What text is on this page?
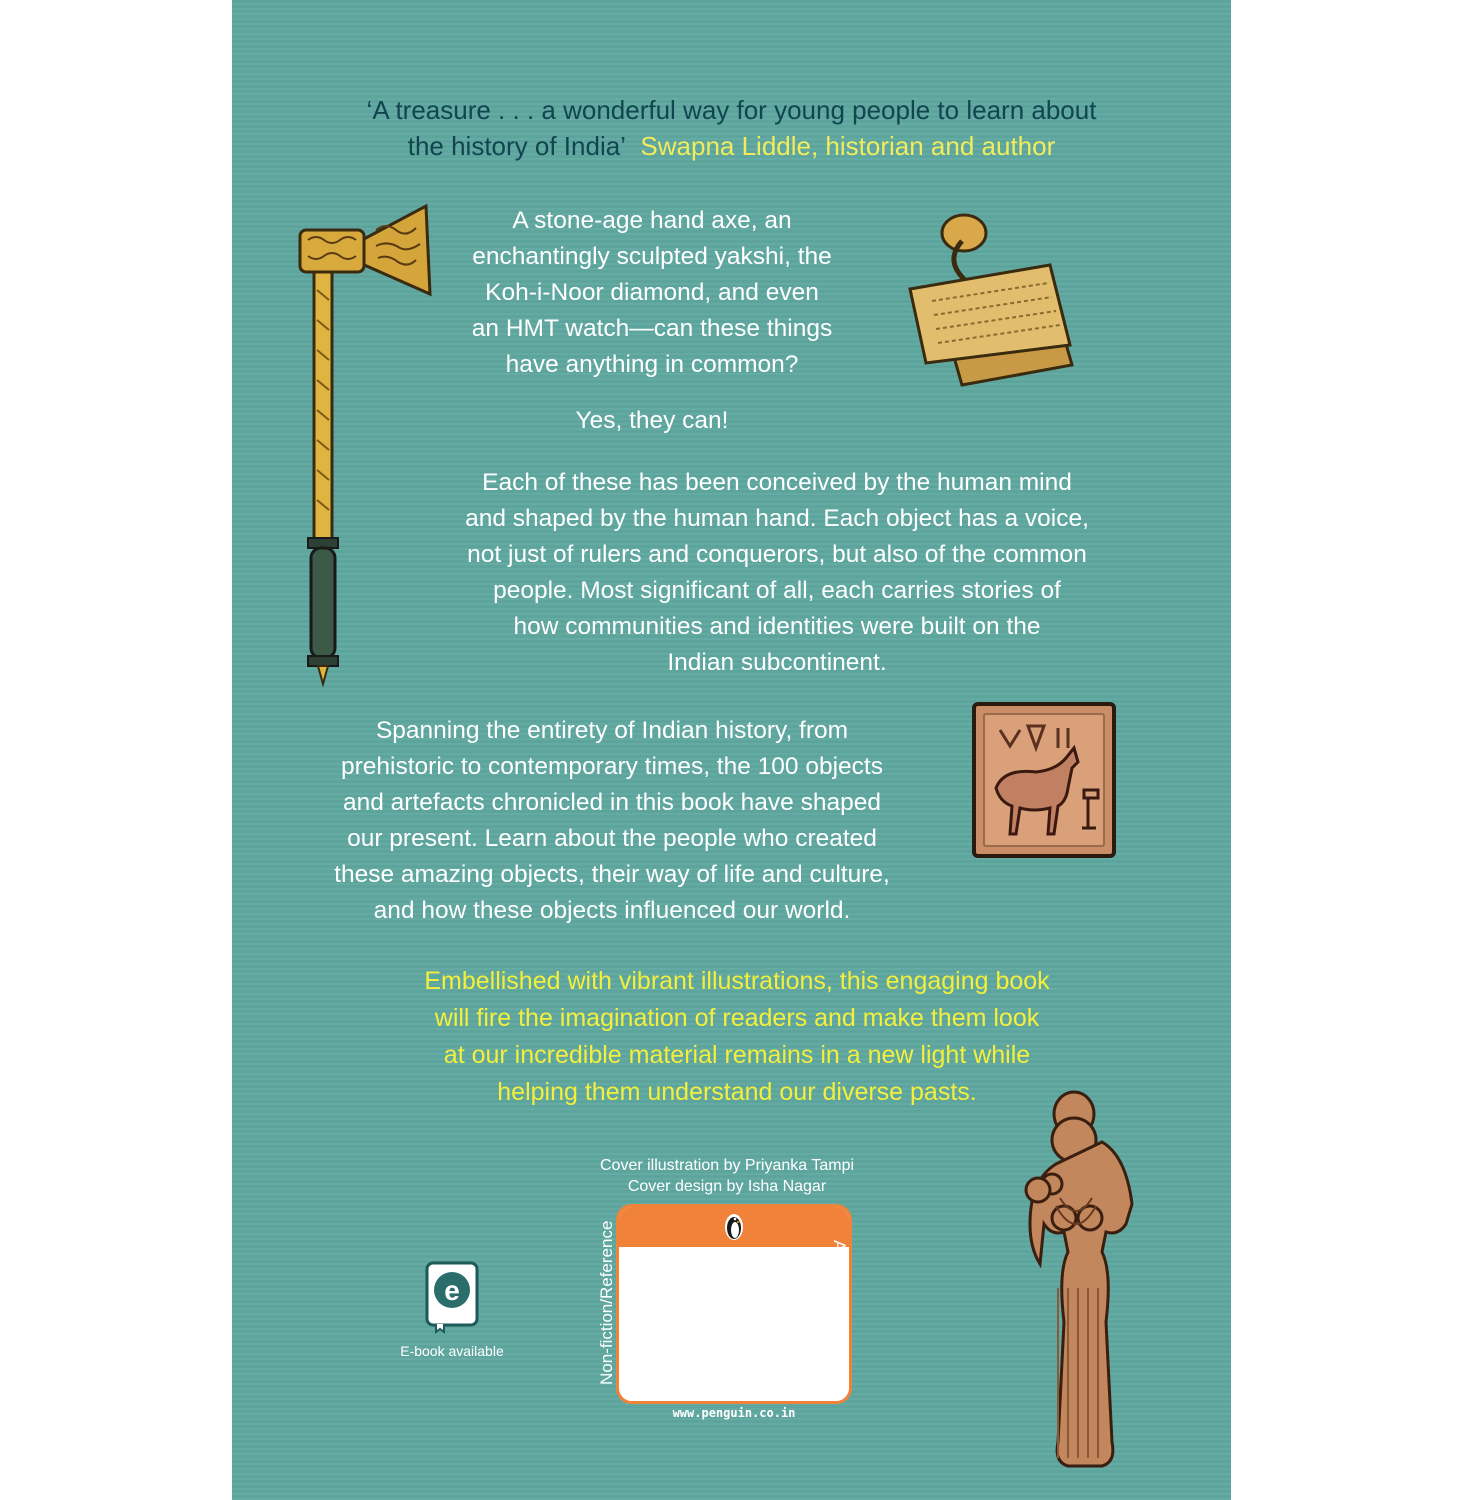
‘A treasure . . . a wonderful way for young people to learn about
the history of India’ Swapna Liddle, historian and author
A stone-age hand axe, an
enchantingly sculpted yakshi, the
Koh-i-Noor diamond, and even
an HMT watch—can these things
have anything in common?
Yes, they can!
Each of these has been conceived by the human mind
and shaped by the human hand. Each object has a voice,
not just of rulers and conquerors, but also of the common
people. Most significant of all, each carries stories of
how communities and identities were built on the
Indian subcontinent.
Spanning the entirety of Indian history, from
prehistoric to contemporary times, the 100 objects
and artefacts chronicled in this book have shaped
our present. Learn about the people who created
these amazing objects, their way of life and culture,
and how these objects influenced our world.
Embellished with vibrant illustrations, this engaging book
will fire the imagination of readers and make them look
at our incredible material remains in a new light while
helping them understand our diverse pasts.
Cover illustration by Priyanka Tampi
Cover design by Isha Nagar
Non-fiction/Reference	Ages 11 and up
www.penguin.co.in
e
E-book available
